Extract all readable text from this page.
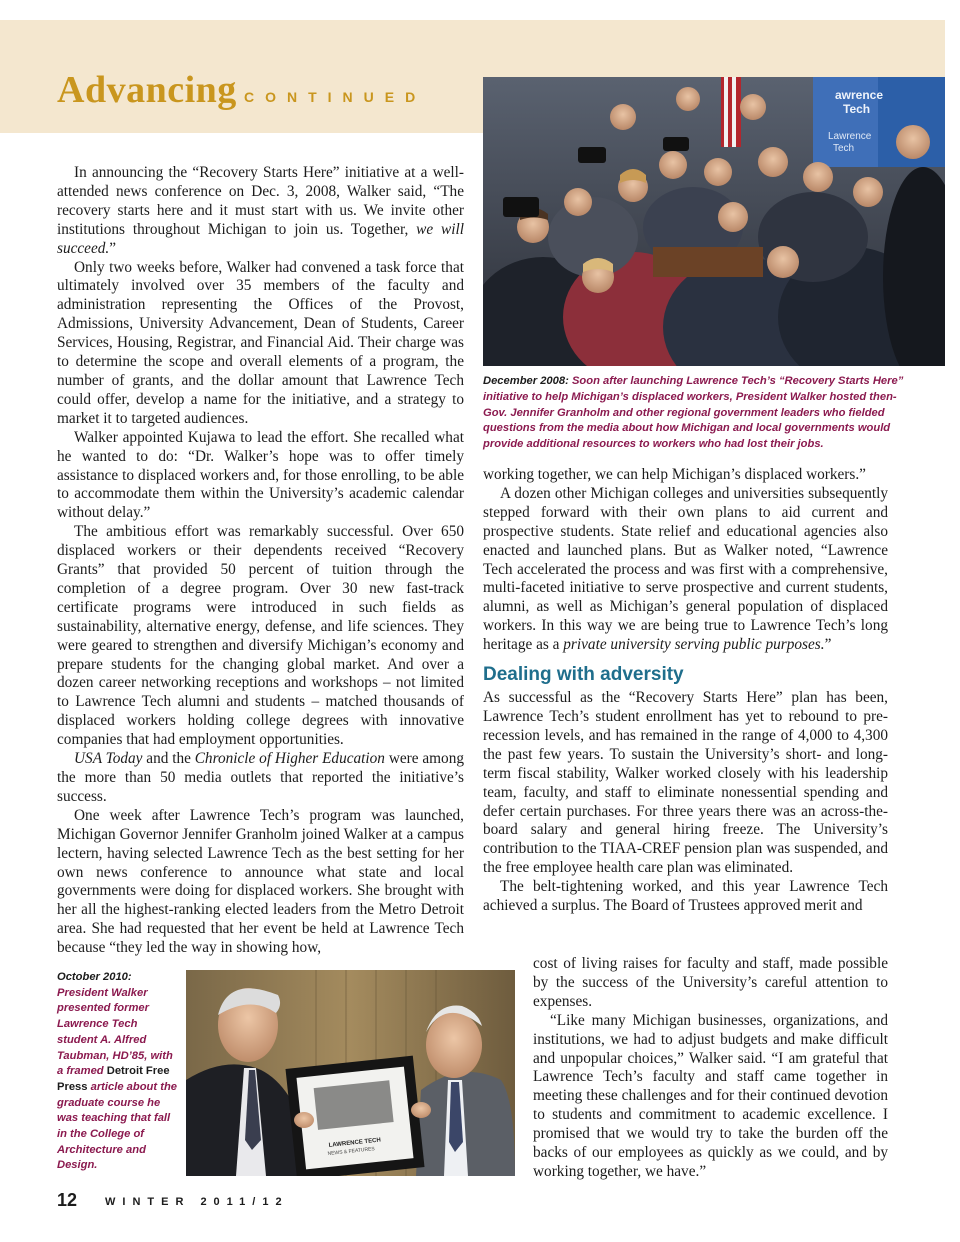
Advancing CONTINUED	awrence
Tech
Lawrence
Tech
December 2008: Soon after launching Lawrence Tech’s “Recovery Starts Here” initiative to help Michigan’s displaced workers, President Walker hosted then-Gov. Jennifer Granholm and other regional government leaders who fielded questions from the media about how Michigan and local governments would provide additional resources to workers who had lost their jobs.

In announcing the “Recovery Starts Here” initiative at a well-attended news conference on Dec. 3, 2008, Walker said, “The recovery starts here and it must start with us. We invite other institutions throughout Michigan to join us. Together, we will succeed.”

Only two weeks before, Walker had convened a task force that ultimately involved over 35 members of the faculty and administration representing the Offices of the Provost, Admissions, University Advancement, Dean of Students, Career Services, Housing, Registrar, and Financial Aid. Their charge was to determine the scope and overall elements of a program, the number of grants, and the dollar amount that Lawrence Tech could offer, develop a name for the initiative, and a strategy to market it to targeted audiences.

Walker appointed Kujawa to lead the effort. She recalled what he wanted to do: “Dr. Walker’s hope was to offer timely assistance to displaced workers and, for those enrolling, to be able to accommodate them within the University’s academic calendar without delay.”

The ambitious effort was remarkably successful. Over 650 displaced workers or their dependents received “Recovery Grants” that provided 50 percent of tuition through the completion of a degree program. Over 30 new fast-track certificate programs were introduced in such fields as sustainability, alternative energy, defense, and life sciences. They were geared to strengthen and diversify Michigan’s economy and prepare students for the changing global market. And over a dozen career networking receptions and workshops – not limited to Lawrence Tech alumni and students – matched thousands of displaced workers holding college degrees with innovative companies that had employment opportunities.

USA Today and the Chronicle of Higher Education were among the more than 50 media outlets that reported the initiative’s success.

One week after Lawrence Tech’s program was launched, Michigan Governor Jennifer Granholm joined Walker at a campus lectern, having selected Lawrence Tech as the best setting for her own news conference to announce what state and local governments were doing for displaced workers. She brought with her all the highest-ranking elected leaders from the Metro Detroit area. She had requested that her event be held at Lawrence Tech because “they led the way in showing how,

working together, we can help Michigan’s displaced workers.”

A dozen other Michigan colleges and universities subsequently stepped forward with their own plans to aid current and prospective students. State relief and educational agencies also enacted and launched plans. But as Walker noted, “Lawrence Tech accelerated the process and was first with a comprehensive, multi-faceted initiative to serve prospective and current students, alumni, as well as Michigan’s general population of displaced workers. In this way we are being true to Lawrence Tech’s long heritage as a private university serving public purposes.”

Dealing with adversity

As successful as the “Recovery Starts Here” plan has been, Lawrence Tech’s student enrollment has yet to rebound to pre-recession levels, and has remained in the range of 4,000 to 4,300 the past few years. To sustain the University’s short- and long-term fiscal stability, Walker worked closely with his leadership team, faculty, and staff to eliminate nonessential spending and defer certain purchases. For three years there was an across-the-board salary and general hiring freeze. The University’s contribution to the TIAA-CREF pension plan was suspended, and the free employee health care plan was eliminated.

The belt-tightening worked, and this year Lawrence Tech achieved a surplus. The Board of Trustees approved merit and

cost of living raises for faculty and staff, made possible by the success of the University’s careful attention to expenses.

“Like many Michigan businesses, organizations, and institutions, we had to adjust budgets and make difficult and unpopular choices,” Walker said. “I am grateful that Lawrence Tech’s faculty and staff came together in meeting these challenges and for their continued devotion to students and commitment to academic excellence. I promised that we would try to take the burden off the backs of our employees as quickly as we could, and by working together, we have.”

October 2010: President Walker presented former Lawrence Tech student A. Alfred Taubman, HD’85, with a framed Detroit Free Press article about the graduate course he was teaching that fall in the College of Architecture and Design.
LAWRENCE TECH
NEWS & FEATURES
12	WINTER 2011/12
